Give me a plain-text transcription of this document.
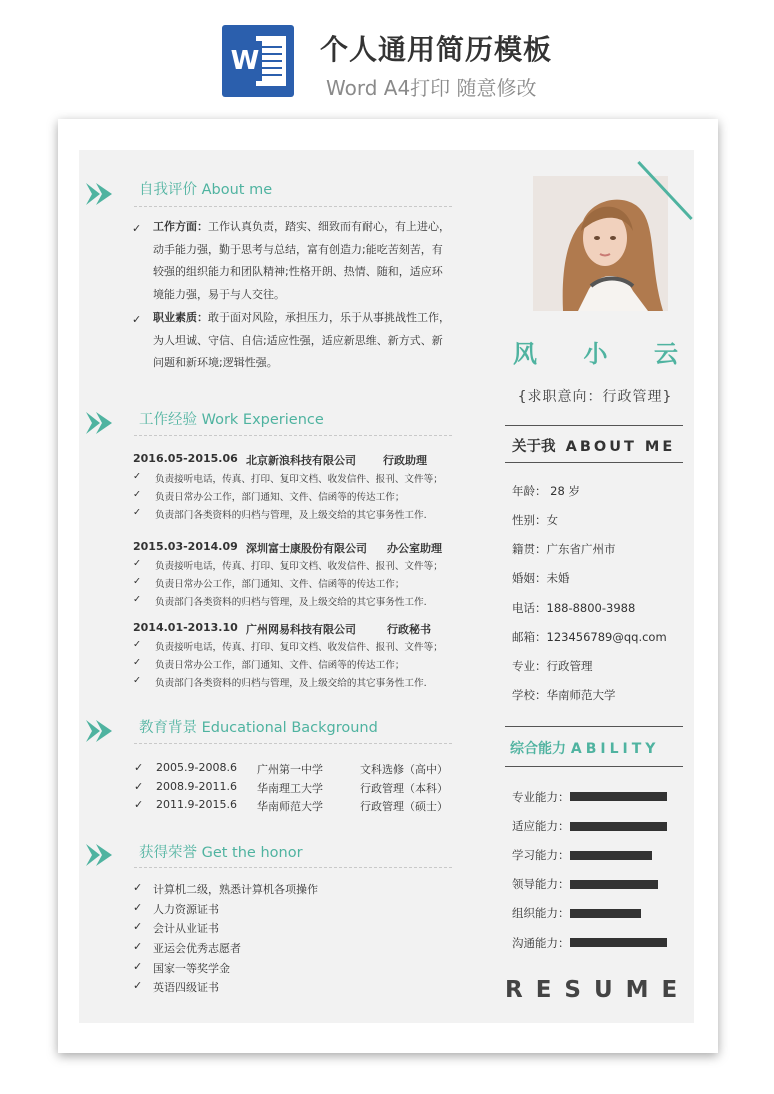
W 个人通用简历模板
Word A4打印 随意修改
自我评价 About me
✓ 工作方面：工作认真负责，踏实、细致而有耐心，有上进心，
动手能力强，勤于思考与总结，富有创造力;能吃苦刻苦，有
较强的组织能力和团队精神;性格开朗、热情、随和，适应环
境能力强，易于与人交往。
✓ 职业素质：敢于面对风险，承担压力，乐于从事挑战性工作，
为人坦诚、守信、自信;适应性强，适应新思维、新方式、新
问题和新环境;逻辑性强。
工作经验 Work Experience
2016.05-2015.06 北京新浪科技有限公司 行政助理
✓ 负责接听电话，传真、打印、复印文档、收发信件、报刊、文件等；
✓ 负责日常办公工作，部门通知、文件、信函等的传达工作；
✓ 负责部门各类资料的归档与管理，及上级交给的其它事务性工作.
2015.03-2014.09 深圳富士康股份有限公司 办公室助理
✓ 负责接听电话，传真、打印、复印文档、收发信件、报刊、文件等；
✓ 负责日常办公工作，部门通知、文件、信函等的传达工作；
✓ 负责部门各类资料的归档与管理，及上级交给的其它事务性工作.
2014.01-2013.10 广州网易科技有限公司	行政秘书
✓ 负责接听电话，传真、打印、复印文档、收发信件、报刊、文件等；
✓ 负责日常办公工作，部门通知、文件、信函等的传达工作；
✓ 负责部门各类资料的归档与管理，及上级交给的其它事务性工作.
教育背景 Educational Background
✓ 2005.9-2008.6 广州第一中学	文科选修（高中）
✓ 2008.9-2011.6 华南理工大学	行政管理（本科）
✓ 2011.9-2015.6 华南师范大学	行政管理（硕士）
获得荣誉 Get the honor
✓ 计算机二级，熟悉计算机各项操作
✓ 人力资源证书
✓ 会计从业证书
✓ 亚运会优秀志愿者
✓ 国家一等奖学金
✓ 英语四级证书
风 小 云
{求职意向：行政管理}
关于我 ABOUT ME
年龄： 28 岁
性别：女
籍贯：广东省广州市
婚姻：未婚
电话：188-8800-3988
邮箱：123456789@qq.com
专业：行政管理
学校：华南师范大学
综合能力 ABILITY
专业能力：
适应能力：
学习能力：
领导能力：
组织能力：
沟通能力：
RESUME
